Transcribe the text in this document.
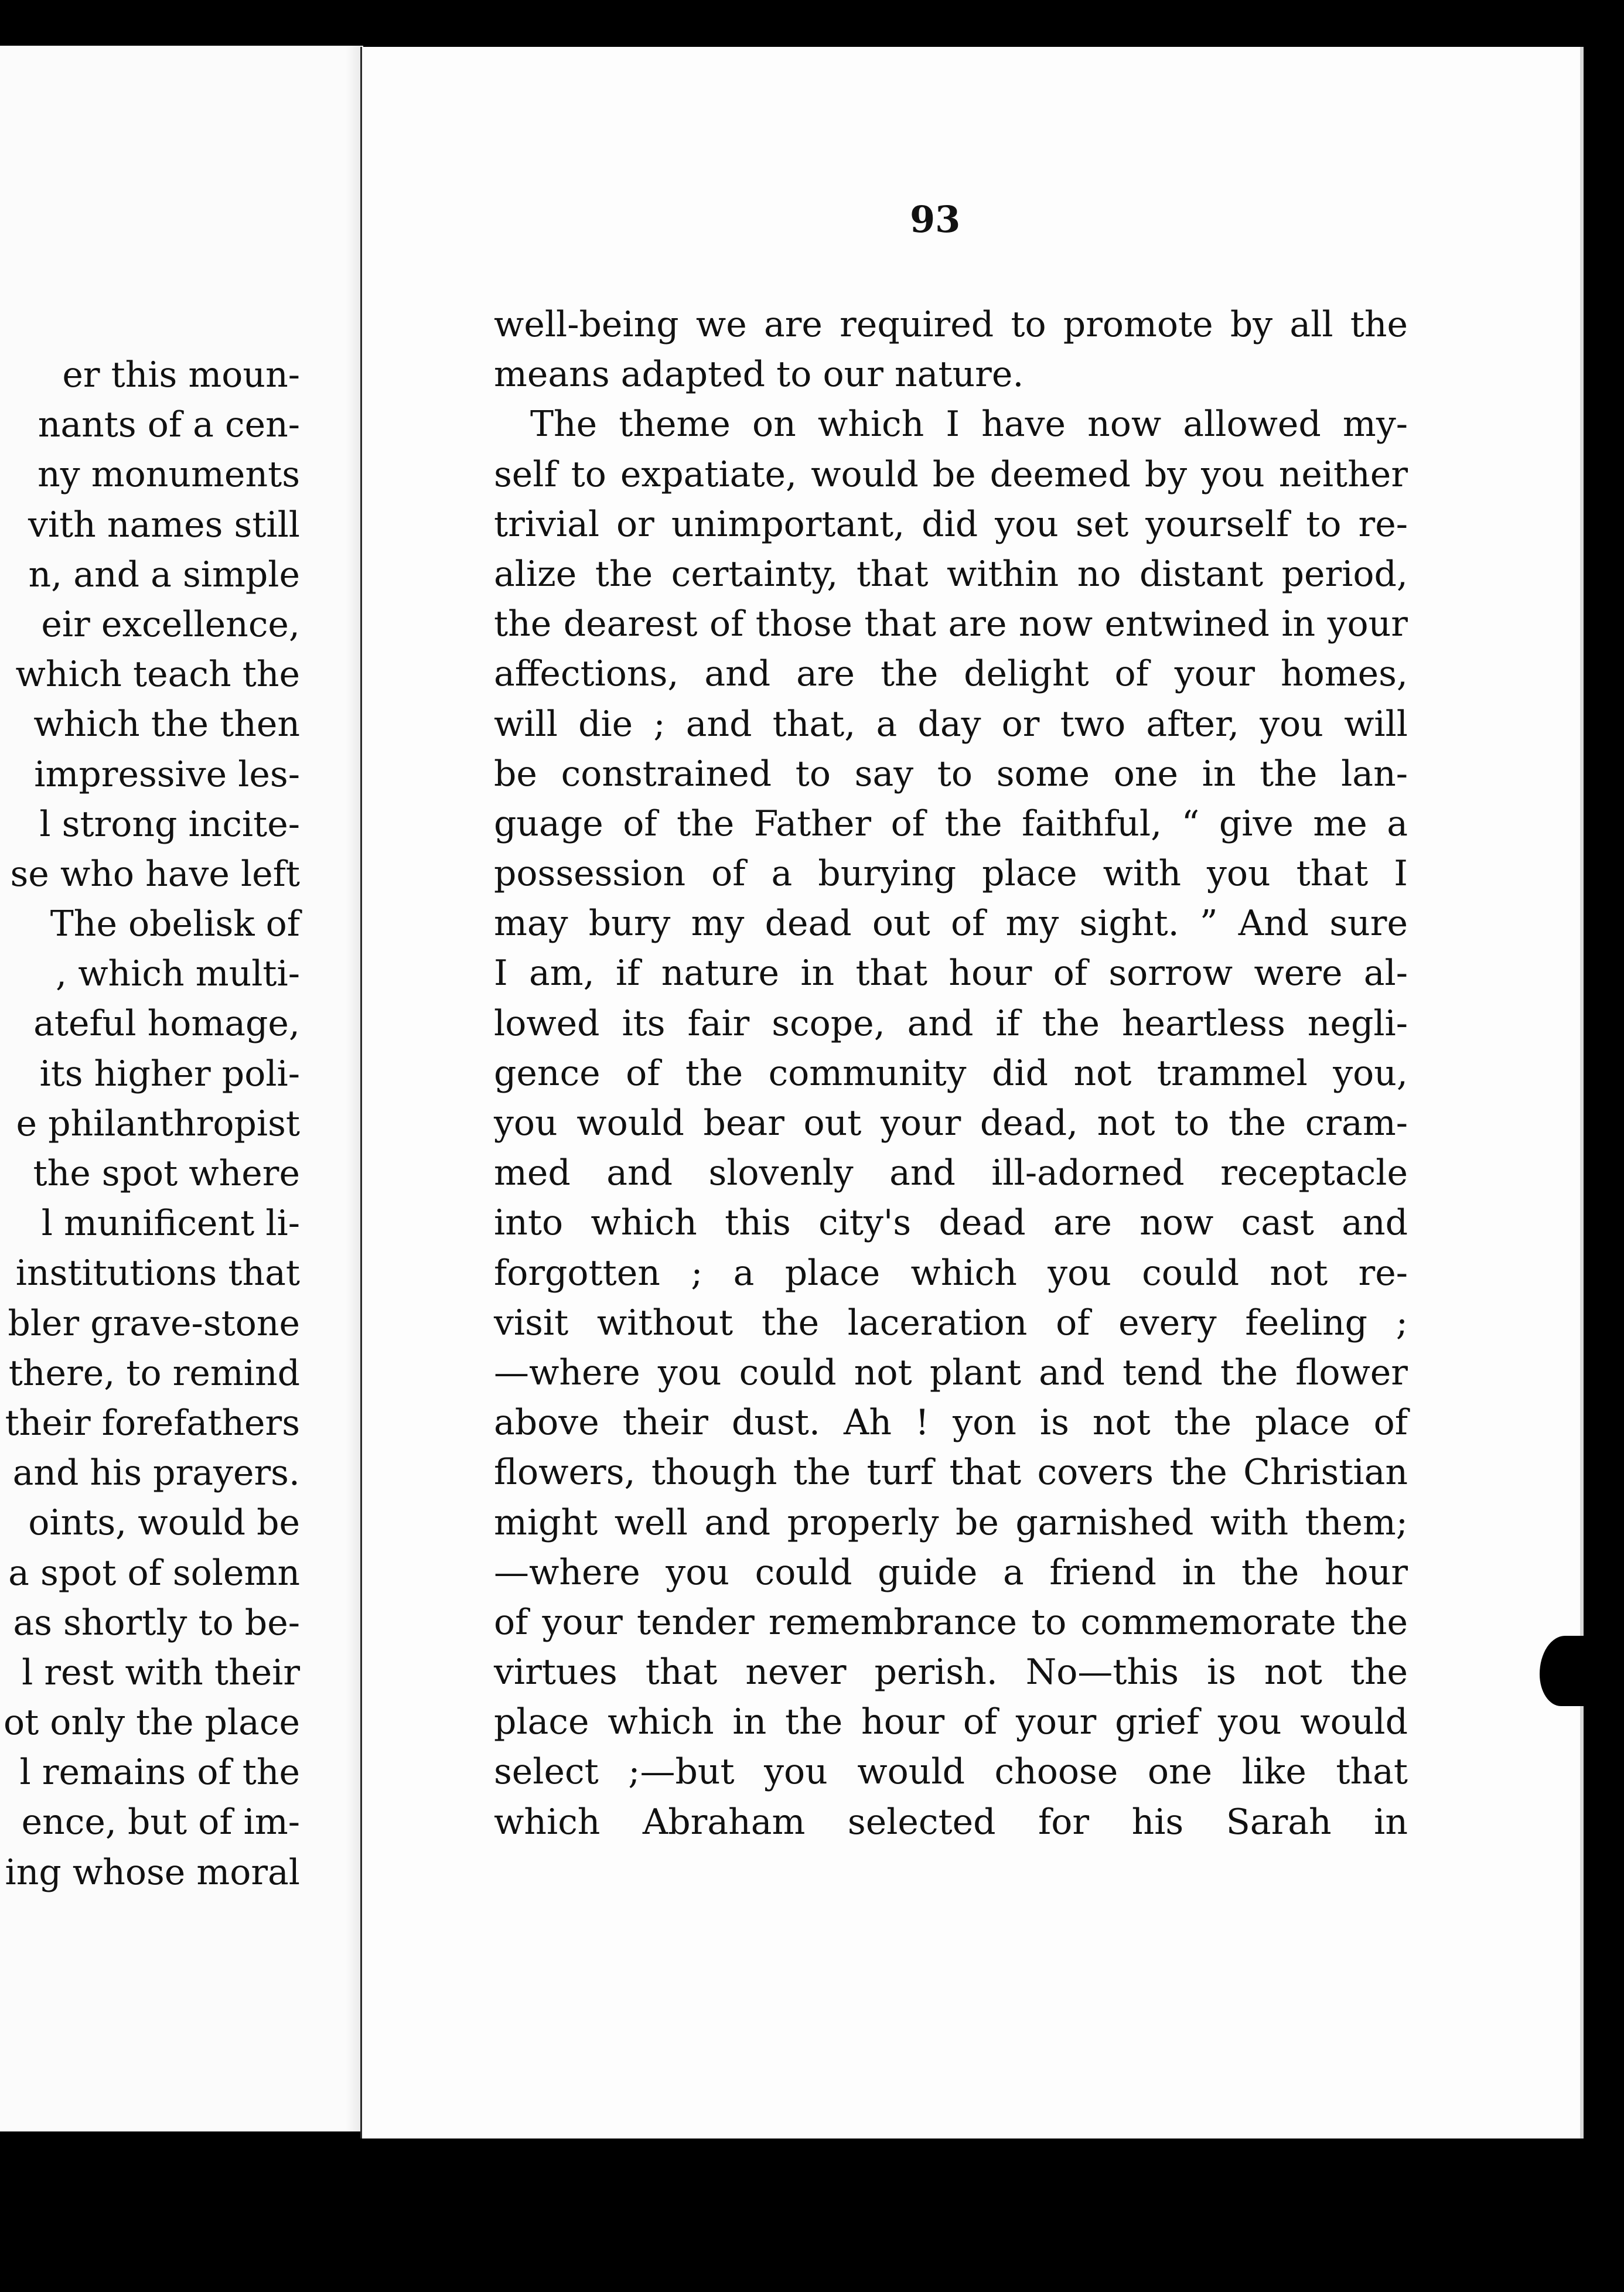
er this moun-
nants of a cen-
ny monuments
vith names still
n, and a simple
eir excellence,
which teach the
which the then
impressive les-
l strong incite-
se who have left
The obelisk of
, which multi-
ateful homage,
its higher poli-
e philanthropist
the spot where
l munificent li-
institutions that
bler grave-stone
there, to remind
their forefathers
and his prayers.
oints, would be
a spot of solemn
as shortly to be-
l rest with their
ot only the place
l remains of the
ence, but of im-
ing whose moral
93
well-being we are required to promote by all the
means adapted to our nature.
The theme on which I have now allowed my-
self to expatiate, would be deemed by you neither
trivial or unimportant, did you set yourself to re-
alize the certainty, that within no distant period,
the dearest of those that are now entwined in your
affections, and are the delight of your homes,
will die ; and that, a day or two after, you will
be constrained to say to some one in the lan-
guage of the Father of the faithful, “ give me a
possession of a burying place with you that I
may bury my dead out of my sight. ” And sure
I am, if nature in that hour of sorrow were al-
lowed its fair scope, and if the heartless negli-
gence of the community did not trammel you,
you would bear out your dead, not to the cram-
med and slovenly and ill-adorned receptacle
into which this city's dead are now cast and
forgotten ; a place which you could not re-
visit without the laceration of every feeling ;
—where you could not plant and tend the flower
above their dust. Ah ! yon is not the place of
flowers, though the turf that covers the Christian
might well and properly be garnished with them;
—where you could guide a friend in the hour
of your tender remembrance to commemorate the
virtues that never perish. No—this is not the
place which in the hour of your grief you would
select ;—but you would choose one like that
which Abraham selected for his Sarah in
